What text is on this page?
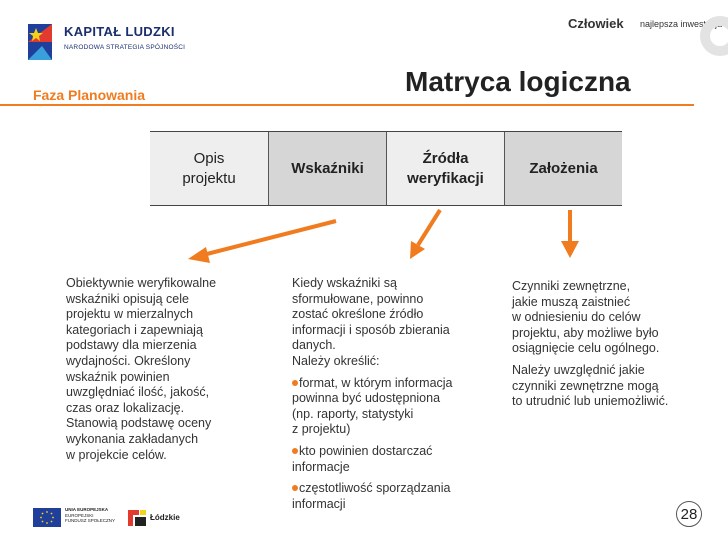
KAPITAŁ LUDZKI
NARODOWA STRATEGIA SPÓJNOŚCI
Człowiek najlepsza inwestycja
Matryca logiczna
Faza Planowania
Opis projektu
Wskaźniki
Źródła weryfikacji
Założenia
Obiektywnie weryfikowalne
wskaźniki opisują cele
projektu w mierzalnych
kategoriach i zapewniają
podstawy dla mierzenia
wydajności. Określony
wskaźnik powinien
uwzględniać ilość, jakość,
czas oraz lokalizację.
Stanowią podstawę oceny
wykonania zakładanych
w projekcie celów.
Kiedy wskaźniki są
sformułowane, powinno
zostać określone źródło
informacji i sposób zbierania
danych.
Należy określić:
format, w którym informacja
powinna być udostępniona
(np. raporty, statystyki
z projektu)
kto powinien dostarczać
informacje
częstotliwość sporządzania
informacji

Czynniki zewnętrzne,
jakie muszą zaistnieć
w odniesieniu do celów
projektu, aby możliwe było
osiągnięcie celu ogólnego.

Należy uwzględnić jakie
czynniki zewnętrzne mogą
to utrudnić lub uniemożliwić.

UNIA EUROPEJSKA
EUROPEJSKI
FUNDUSZ SPOŁECZNY	Łódzkie	28
